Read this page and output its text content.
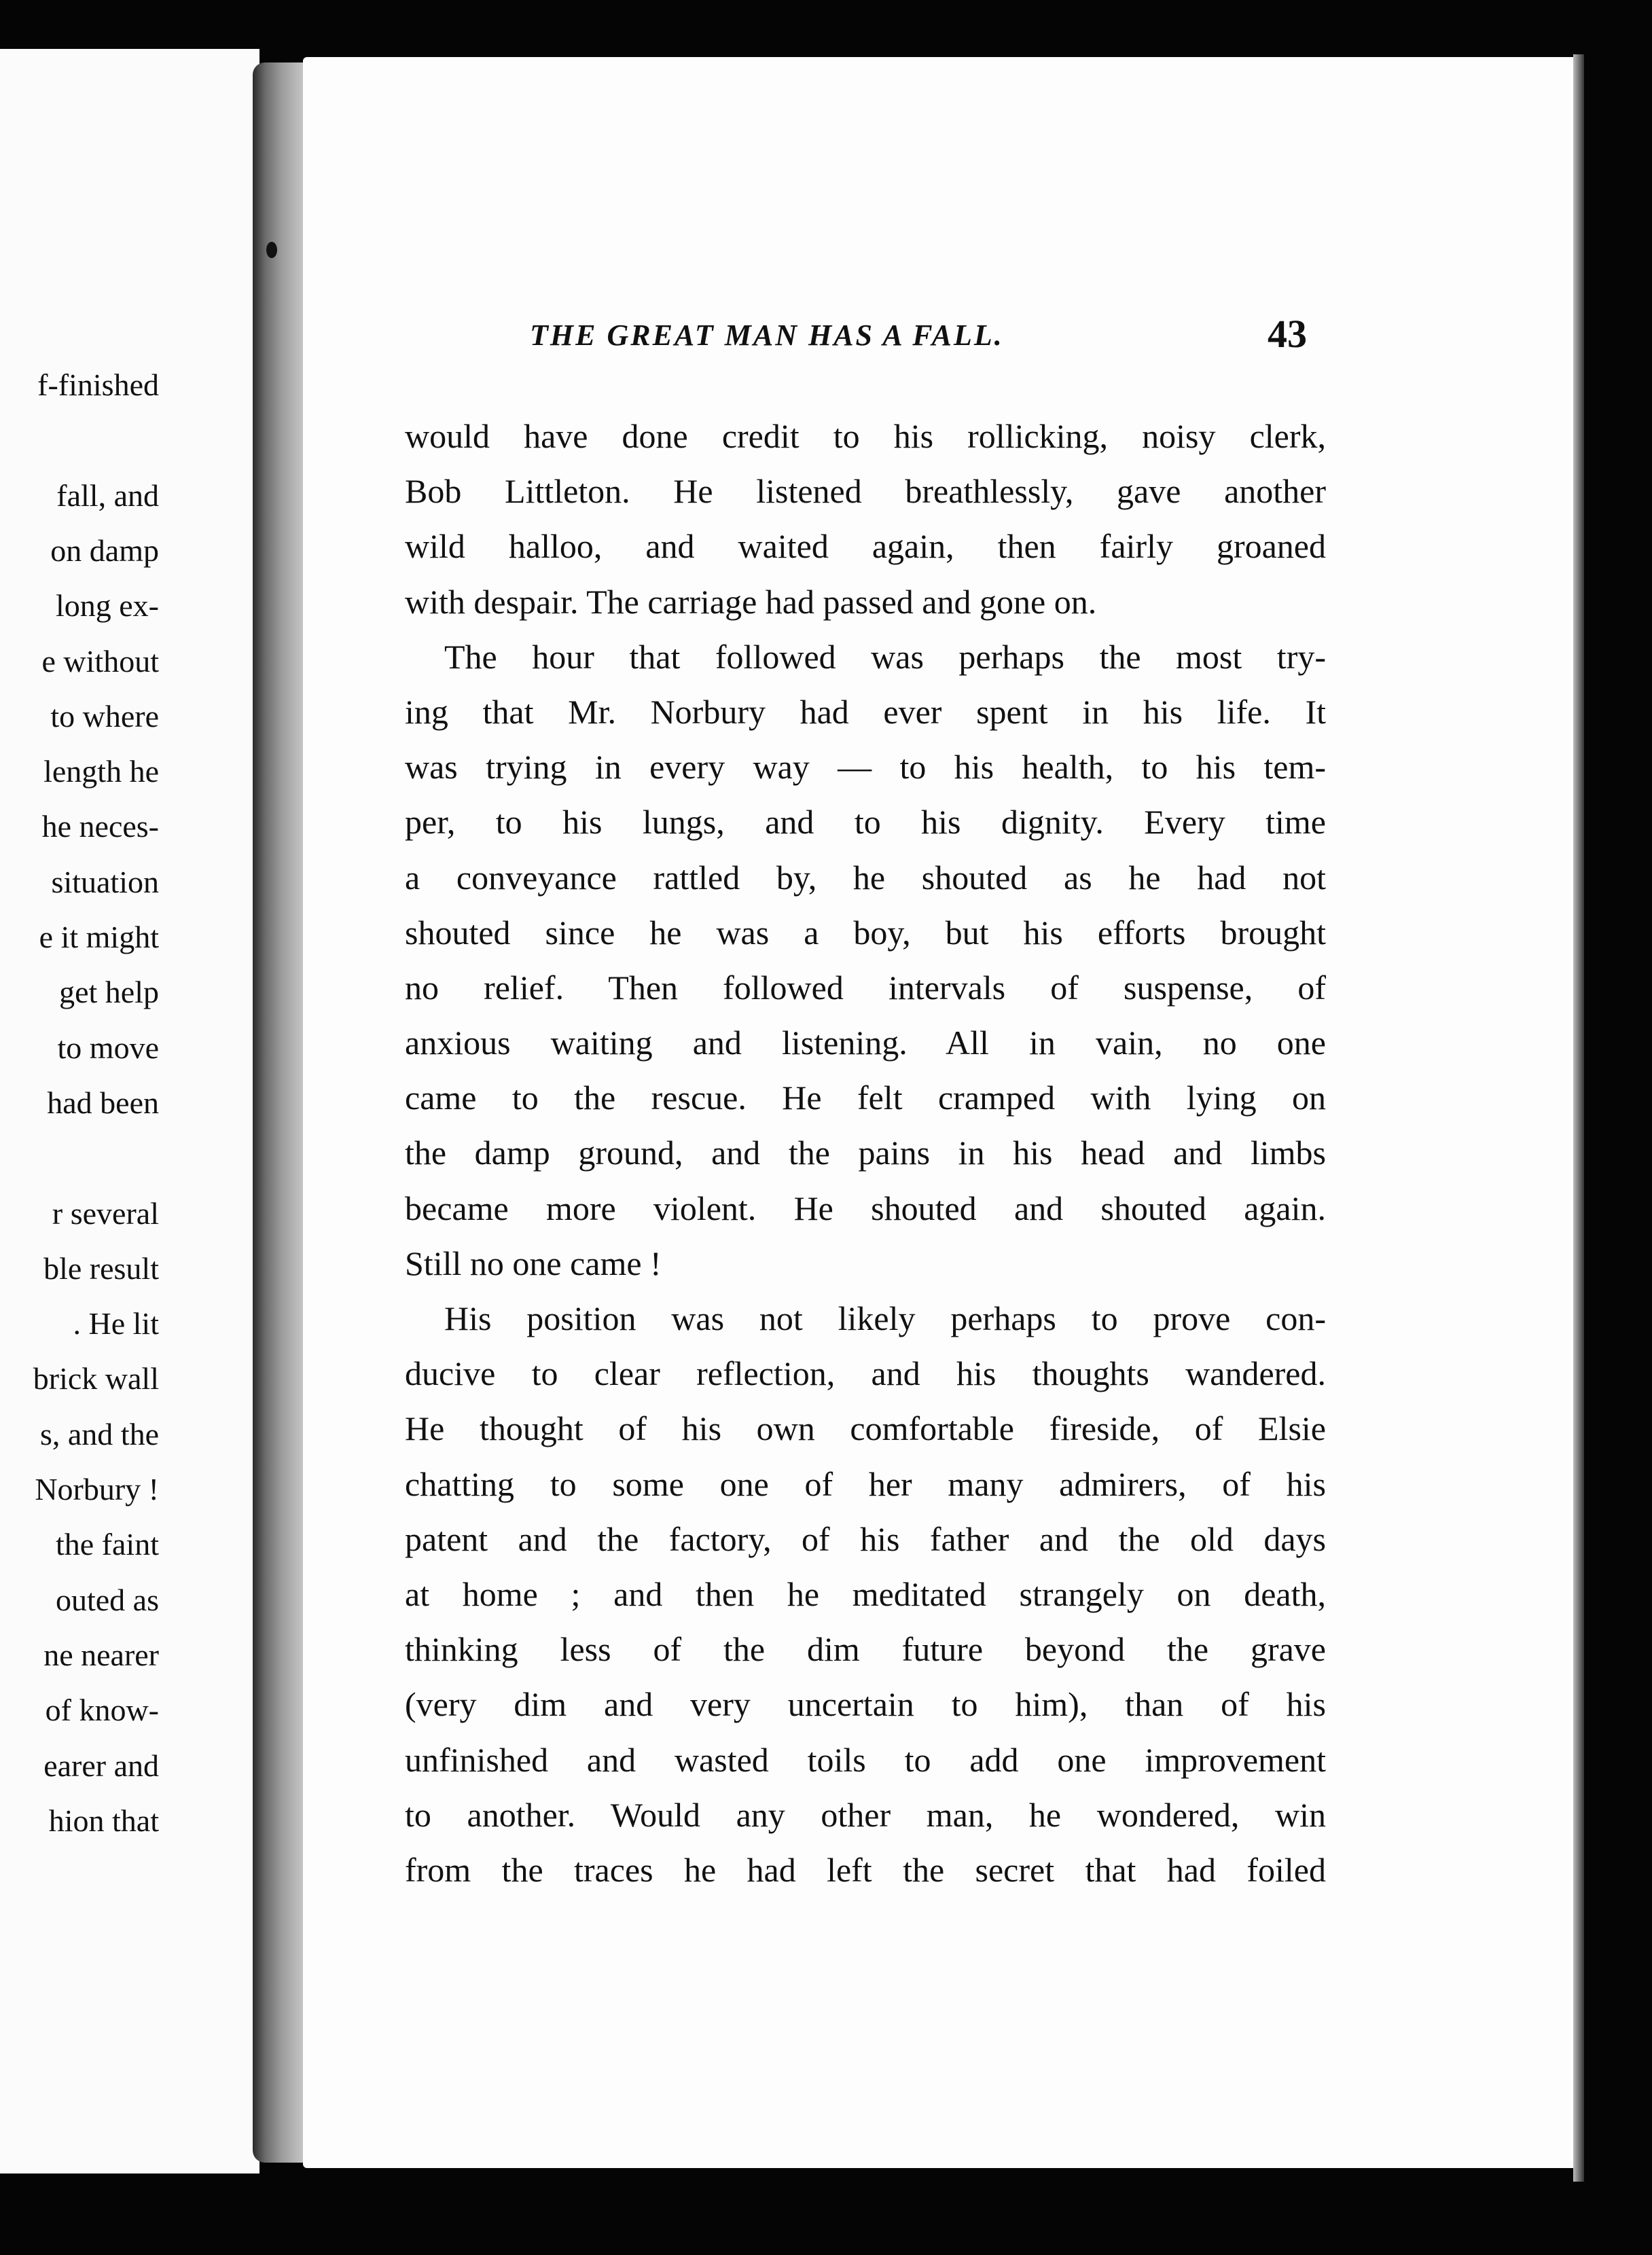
f-finished
fall, and
on damp
long ex-
e without
to where
length he
he neces-
situation
e it might
get help
to move
had been
r several
ble result
. He lit
brick wall
s, and the
Norbury !
the faint
outed as
ne nearer
of know-
earer and
hion that
THE GREAT MAN HAS A FALL.	43
would have done credit to his rollicking, noisy clerk,
Bob Littleton. He listened breathlessly, gave another
wild halloo, and waited again, then fairly groaned
with despair. The carriage had passed and gone on.
The hour that followed was perhaps the most try-
ing that Mr. Norbury had ever spent in his life. It
was trying in every way — to his health, to his tem-
per, to his lungs, and to his dignity. Every time
a conveyance rattled by, he shouted as he had not
shouted since he was a boy, but his efforts brought
no relief. Then followed intervals of suspense, of
anxious waiting and listening. All in vain, no one
came to the rescue. He felt cramped with lying on
the damp ground, and the pains in his head and limbs
became more violent. He shouted and shouted again.
Still no one came !
His position was not likely perhaps to prove con-
ducive to clear reflection, and his thoughts wandered.
He thought of his own comfortable fireside, of Elsie
chatting to some one of her many admirers, of his
patent and the factory, of his father and the old days
at home ; and then he meditated strangely on death,
thinking less of the dim future beyond the grave
(very dim and very uncertain to him), than of his
unfinished and wasted toils to add one improvement
to another. Would any other man, he wondered, win
from the traces he had left the secret that had foiled
